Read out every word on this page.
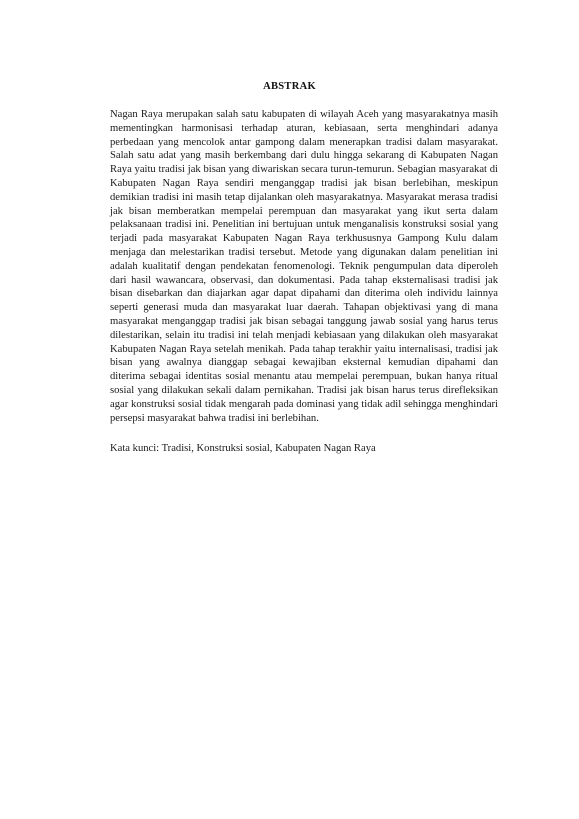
ABSTRAK

Nagan Raya merupakan salah satu kabupaten di wilayah Aceh yang masyarakatnya masih mementingkan harmonisasi terhadap aturan, kebiasaan, serta menghindari adanya perbedaan yang mencolok antar gampong dalam menerapkan tradisi dalam masyarakat. Salah satu adat yang masih berkembang dari dulu hingga sekarang di Kabupaten Nagan Raya yaitu tradisi jak bisan yang diwariskan secara turun-temurun. Sebagian masyarakat di Kabupaten Nagan Raya sendiri menganggap tradisi jak bisan berlebihan, meskipun demikian tradisi ini masih tetap dijalankan oleh masyarakatnya. Masyarakat merasa tradisi jak bisan memberatkan mempelai perempuan dan masyarakat yang ikut serta dalam pelaksanaan tradisi ini. Penelitian ini bertujuan untuk menganalisis konstruksi sosial yang terjadi pada masyarakat Kabupaten Nagan Raya terkhususnya Gampong Kulu dalam menjaga dan melestarikan tradisi tersebut. Metode yang digunakan dalam penelitian ini adalah kualitatif dengan pendekatan fenomenologi. Teknik pengumpulan data diperoleh dari hasil wawancara, observasi, dan dokumentasi. Pada tahap eksternalisasi tradisi jak bisan disebarkan dan diajarkan agar dapat dipahami dan diterima oleh individu lainnya seperti generasi muda dan masyarakat luar daerah. Tahapan objektivasi yang di mana masyarakat menganggap tradisi jak bisan sebagai tanggung jawab sosial yang harus terus dilestarikan, selain itu tradisi ini telah menjadi kebiasaan yang dilakukan oleh masyarakat Kabupaten Nagan Raya setelah menikah. Pada tahap terakhir yaitu internalisasi, tradisi jak bisan yang awalnya dianggap sebagai kewajiban eksternal kemudian dipahami dan diterima sebagai identitas sosial menantu atau mempelai perempuan, bukan hanya ritual sosial yang dilakukan sekali dalam pernikahan. Tradisi jak bisan harus terus direfleksikan agar konstruksi sosial tidak mengarah pada dominasi yang tidak adil sehingga menghindari persepsi masyarakat bahwa tradisi ini berlebihan.

Kata kunci: Tradisi, Konstruksi sosial, Kabupaten Nagan Raya
